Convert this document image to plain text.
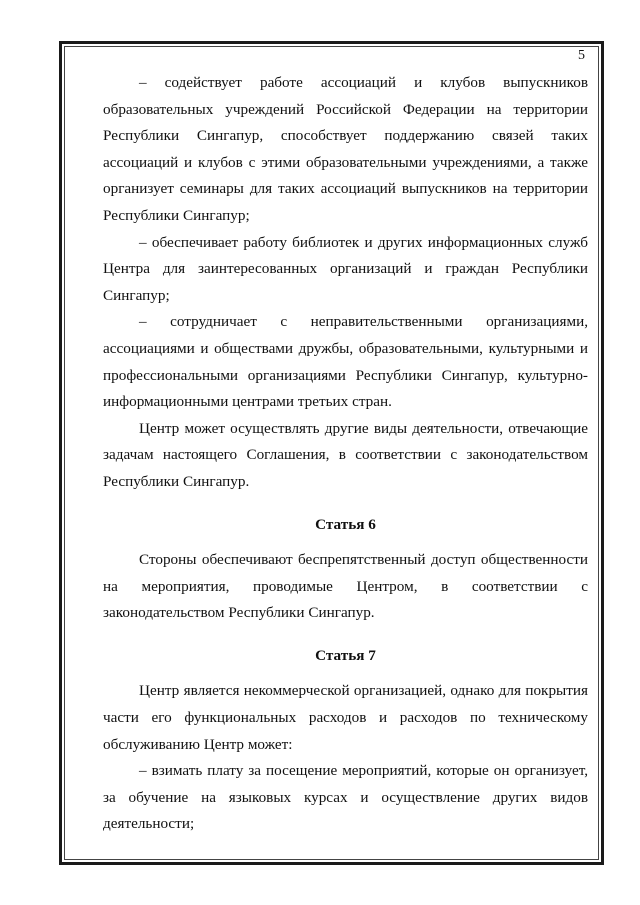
5

– содействует работе ассоциаций и клубов выпускников образовательных учреждений Российской Федерации на территории Республики Сингапур, способствует поддержанию связей таких ассоциаций и клубов с этими образовательными учреждениями, а также организует семинары для таких ассоциаций выпускников на территории Республики Сингапур;

– обеспечивает работу библиотек и других информационных служб Центра для заинтересованных организаций и граждан Республики Сингапур;

– сотрудничает с неправительственными организациями, ассоциациями и обществами дружбы, образовательными, культурными и профессиональными организациями Республики Сингапур, культурно-информационными центрами третьих стран.

Центр может осуществлять другие виды деятельности, отвечающие задачам настоящего Соглашения, в соответствии с законодательством Республики Сингапур.

Статья 6

Стороны обеспечивают беспрепятственный доступ общественности на мероприятия, проводимые Центром, в соответствии с законодательством Республики Сингапур.

Статья 7

Центр является некоммерческой организацией, однако для покрытия части его функциональных расходов и расходов по техническому обслуживанию Центр может:

– взимать плату за посещение мероприятий, которые он организует, за обучение на языковых курсах и осуществление других видов деятельности;
